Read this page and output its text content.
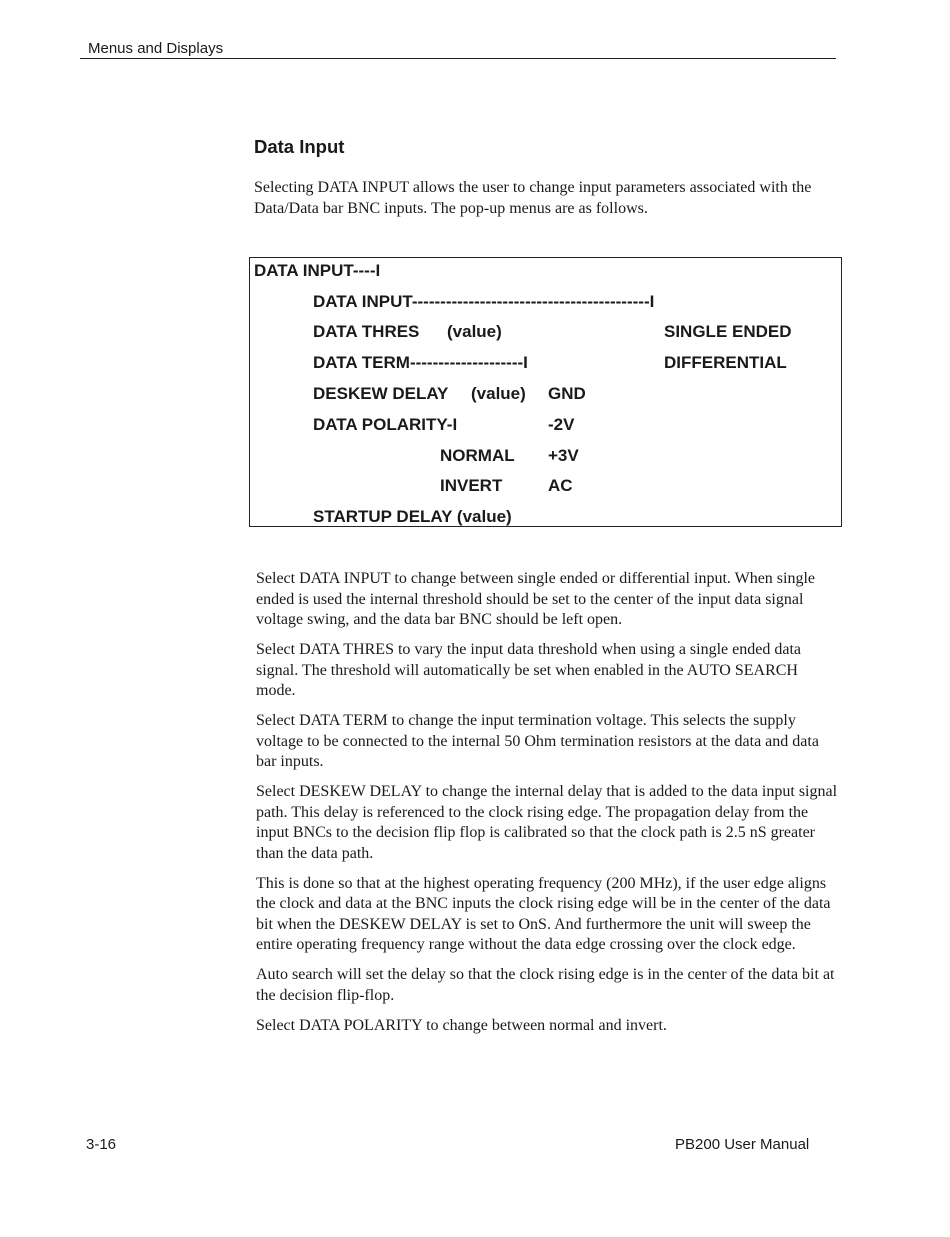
Menus and Displays
Data Input
Selecting DATA INPUT allows the user to change input parameters associated with the Data/Data bar BNC inputs. The pop-up menus are as follows.
DATA INPUT----I
DATA INPUT------------------------------------------I
DATA THRES (value)	SINGLE ENDED
DATA TERM--------------------I	DIFFERENTIAL
DESKEW DELAY (value) GND
DATA POLARITY-I	-2V
NORMAL +3V
INVERT	AC
STARTUP DELAY (value)

Select DATA INPUT to change between single ended or differential input. When single ended is used the internal threshold should be set to the center of the input data signal voltage swing, and the data bar BNC should be left open.

Select DATA THRES to vary the input data threshold when using a single ended data signal. The threshold will automatically be set when enabled in the AUTO SEARCH mode.

Select DATA TERM to change the input termination voltage. This selects the supply voltage to be connected to the internal 50 Ohm termination resistors at the data and data bar inputs.

Select DESKEW DELAY to change the internal delay that is added to the data input signal path. This delay is referenced to the clock rising edge. The propagation delay from the input BNCs to the decision flip flop is calibrated so that the clock path is 2.5 nS greater than the data path.

This is done so that at the highest operating frequency (200 MHz), if the user edge aligns the clock and data at the BNC inputs the clock rising edge will be in the center of the data bit when the DESKEW DELAY is set to OnS. And furthermore the unit will sweep the entire operating frequency range without the data edge crossing over the clock edge.

Auto search will set the delay so that the clock rising edge is in the center of the data bit at the decision flip-flop.

Select DATA POLARITY to change between normal and invert.

3-16	PB200 User Manual
